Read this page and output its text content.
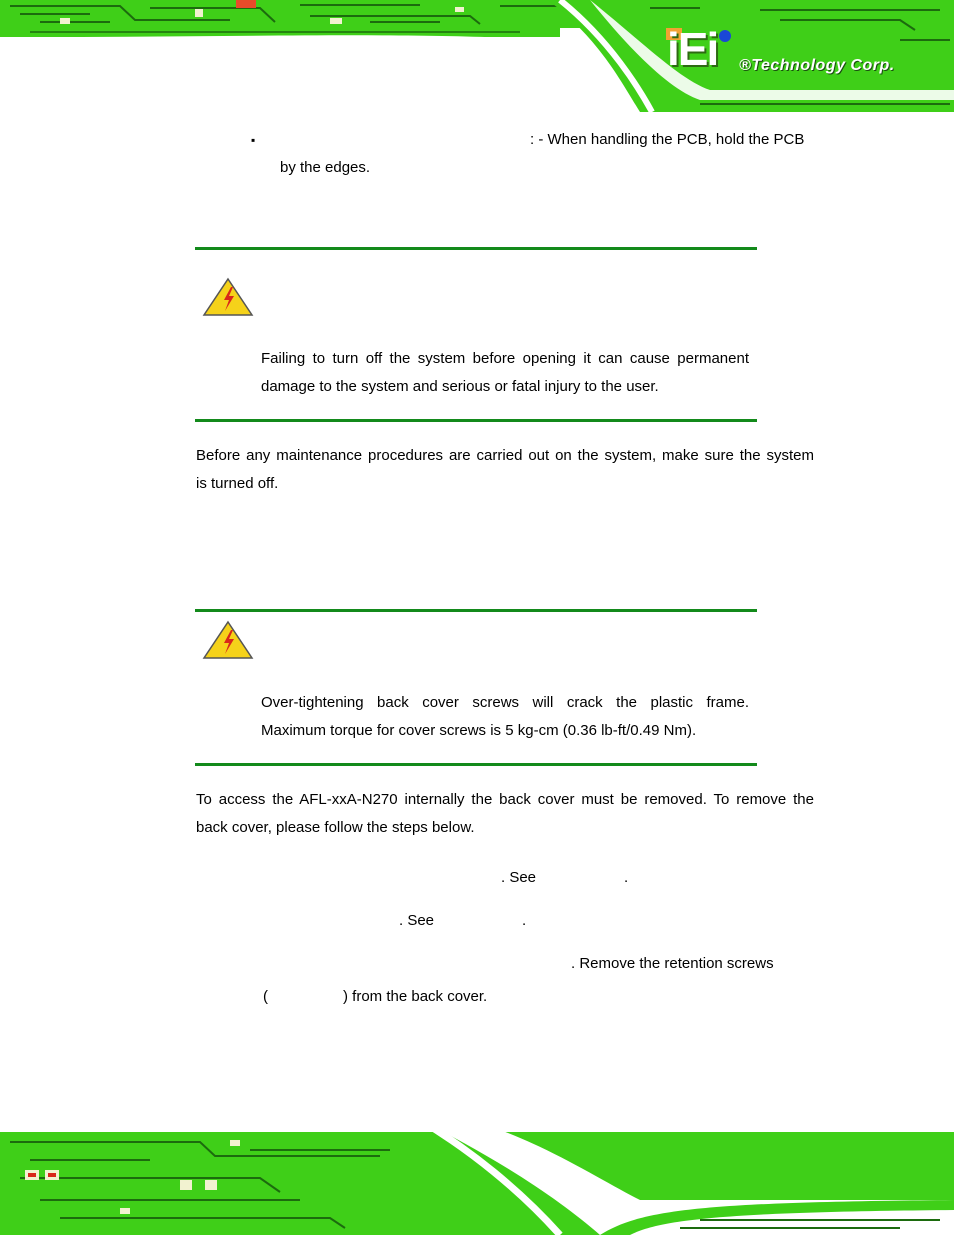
iEi ®Technology Corp.
▪	: - When handling the PCB, hold the PCB
by the edges.
Failing to turn off the system before opening it can cause permanent
damage to the system and serious or fatal injury to the user.
Before any maintenance procedures are carried out on the system, make sure the system
is turned off.
Over-tightening back cover screws will crack the plastic frame.
Maximum torque for cover screws is 5 kg-cm (0.36 lb-ft/0.49 Nm).
To access the AFL-xxA-N270 internally the back cover must be removed. To remove the
back cover, please follow the steps below.
. See	.
. See	.
. Remove the retention screws
(	) from the back cover.
